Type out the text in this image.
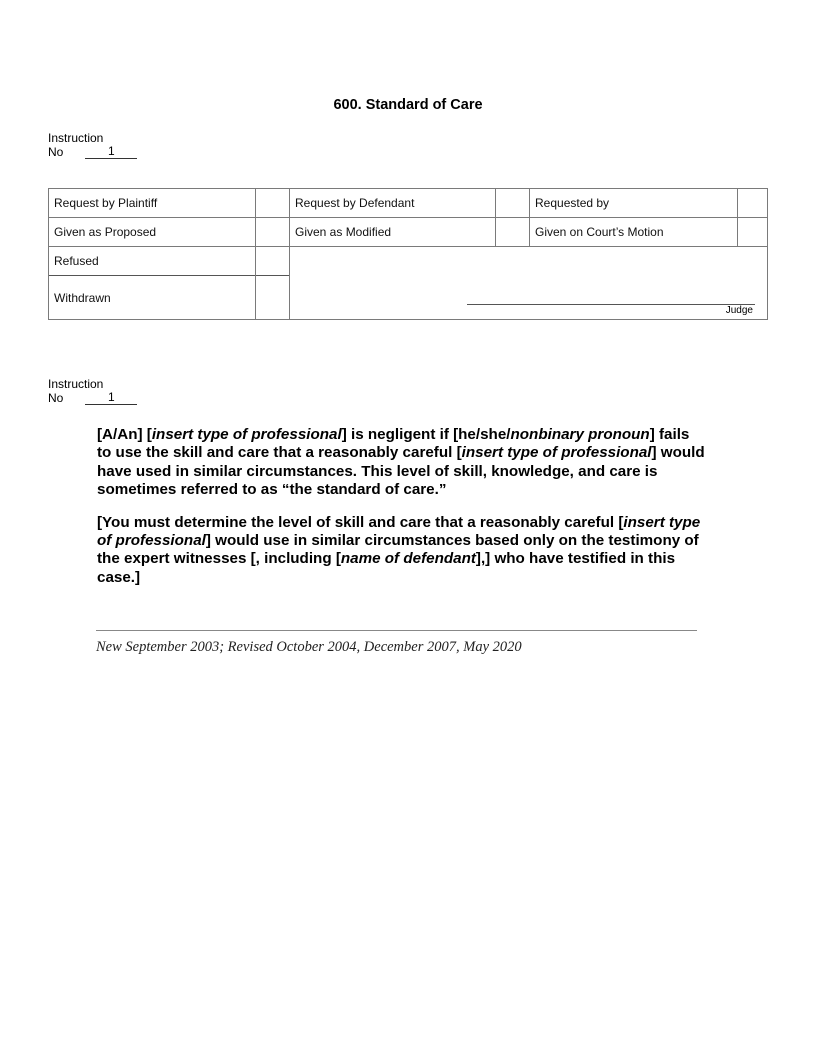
600. Standard of Care
Instruction
No	1
Request by Plaintiff	Request by Defendant	Requested by
Given as Proposed	Given as Modified	Given on Court’s Motion
Refused
Withdrawn
Judge
Instruction
No	1

[A/An] [insert type of professional] is negligent if [he/she/nonbinary pronoun] fails to use the skill and care that a reasonably careful [insert type of professional] would have used in similar circumstances. This level of skill, knowledge, and care is sometimes referred to as “the standard of care.”

[You must determine the level of skill and care that a reasonably careful [insert type of professional] would use in similar circumstances based only on the testimony of the expert witnesses [, including [name of defendant],] who have testified in this case.]

New September 2003; Revised October 2004, December 2007, May 2020
